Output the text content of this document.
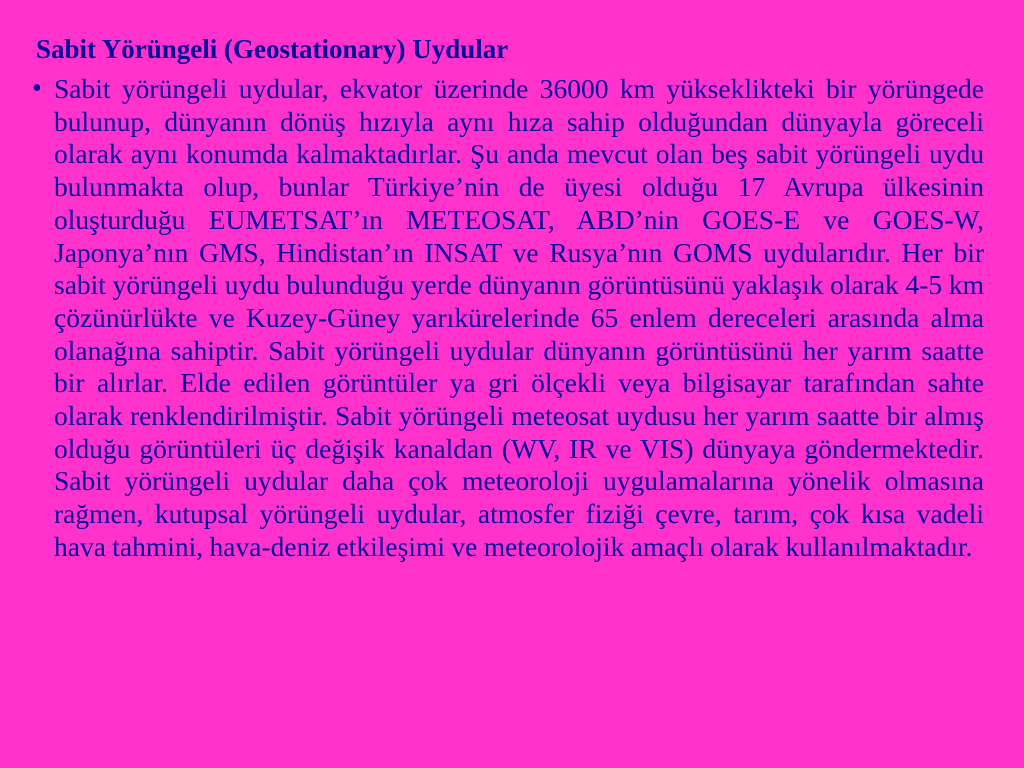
Sabit Yörüngeli (Geostationary) Uydular
• Sabit yörüngeli uydular, ekvator üzerinde 36000 km yükseklikteki bir yörüngede bulunup, dünyanın dönüş hızıyla aynı hıza sahip olduğundan dünyayla göreceli olarak aynı konumda kalmaktadırlar. Şu anda mevcut olan beş sabit yörüngeli uydu bulunmakta olup, bunlar Türkiye’nin de üyesi olduğu 17 Avrupa ülkesinin oluşturduğu EUMETSAT’ın METEOSAT, ABD’nin GOES-E ve GOES-W, Japonya’nın GMS, Hindistan’ın INSAT ve Rusya’nın GOMS uydularıdır. Her bir sabit yörüngeli uydu bulunduğu yerde dünyanın görüntüsünü yaklaşık olarak 4-5 km çözünürlükte ve Kuzey-Güney yarıkürelerinde 65 enlem dereceleri arasında alma olanağına sahiptir. Sabit yörüngeli uydular dünyanın görüntüsünü her yarım saatte bir alırlar. Elde edilen görüntüler ya gri ölçekli veya bilgisayar tarafından sahte olarak renklendirilmiştir. Sabit yörüngeli meteosat uydusu her yarım saatte bir almış olduğu görüntüleri üç değişik kanaldan (WV, IR ve VIS) dünyaya göndermektedir. Sabit yörüngeli uydular daha çok meteoroloji uygulamalarına yönelik olmasına rağmen, kutupsal yörüngeli uydular, atmosfer fiziği çevre, tarım, çok kısa vadeli hava tahmini, hava-deniz etkileşimi ve meteorolojik amaçlı olarak kullanılmaktadır.
